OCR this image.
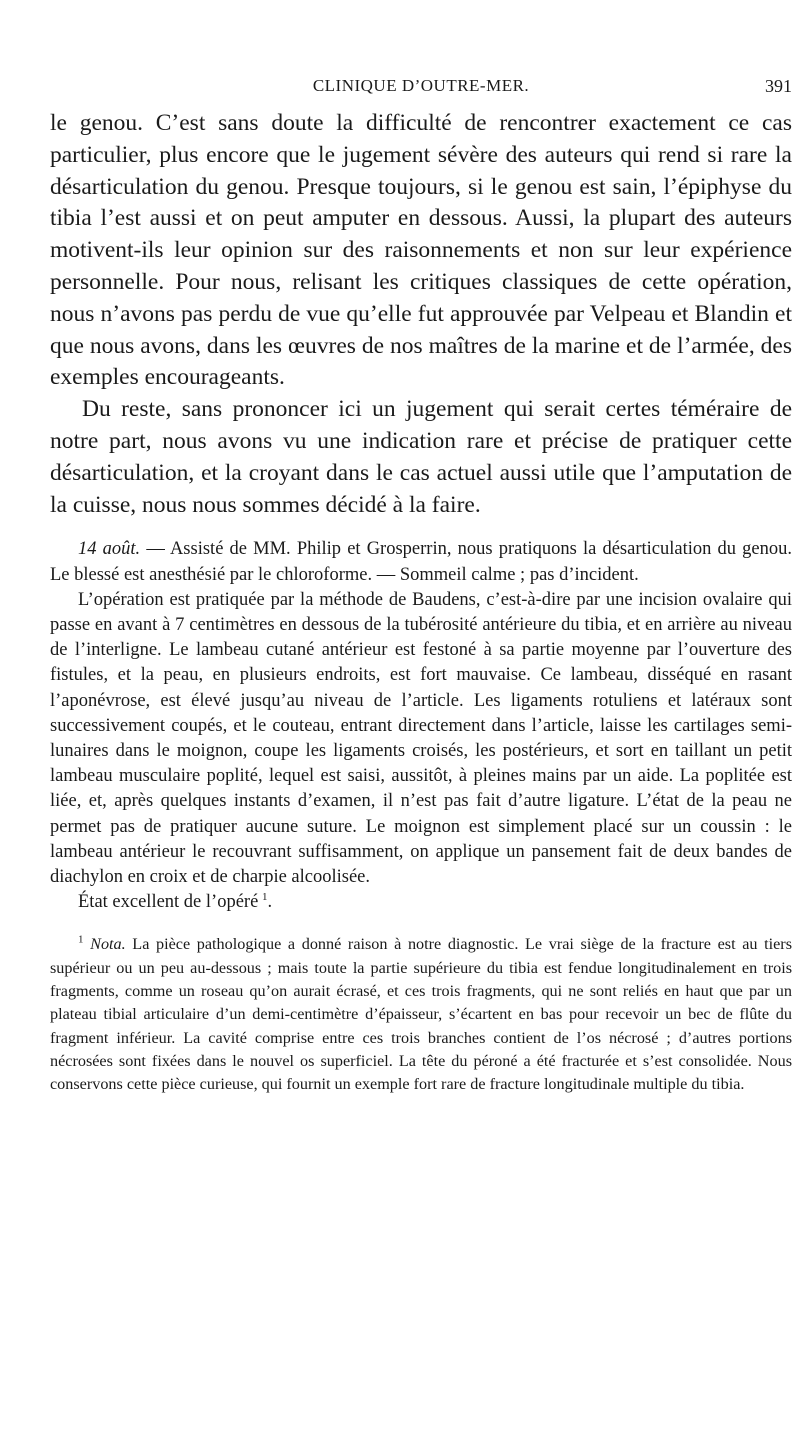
CLINIQUE D’OUTRE-MER.	391

le genou. C’est sans doute la difficulté de rencontrer exactement ce cas particulier, plus encore que le jugement sévère des auteurs qui rend si rare la désarticulation du genou. Presque toujours, si le genou est sain, l’épiphyse du tibia l’est aussi et on peut amputer en dessous. Aussi, la plupart des auteurs motivent-ils leur opinion sur des raisonnements et non sur leur expérience personnelle. Pour nous, relisant les critiques classiques de cette opération, nous n’avons pas perdu de vue qu’elle fut approuvée par Velpeau et Blandin et que nous avons, dans les œuvres de nos maîtres de la marine et de l’armée, des exemples encourageants.

Du reste, sans prononcer ici un jugement qui serait certes téméraire de notre part, nous avons vu une indication rare et précise de pratiquer cette désarticulation, et la croyant dans le cas actuel aussi utile que l’amputation de la cuisse, nous nous sommes décidé à la faire.

14 août. — Assisté de MM. Philip et Grosperrin, nous pratiquons la désarticulation du genou. Le blessé est anesthésié par le chloroforme. — Sommeil calme ; pas d’incident.

L’opération est pratiquée par la méthode de Baudens, c’est-à-dire par une incision ovalaire qui passe en avant à 7 centimètres en dessous de la tubérosité antérieure du tibia, et en arrière au niveau de l’interligne. Le lambeau cutané antérieur est festoné à sa partie moyenne par l’ouverture des fistules, et la peau, en plusieurs endroits, est fort mauvaise. Ce lambeau, disséqué en rasant l’aponévrose, est élevé jusqu’au niveau de l’article. Les ligaments rotuliens et latéraux sont successivement coupés, et le couteau, entrant directement dans l’article, laisse les cartilages semi-lunaires dans le moignon, coupe les ligaments croisés, les postérieurs, et sort en taillant un petit lambeau musculaire poplité, lequel est saisi, aussitôt, à pleines mains par un aide. La poplitée est liée, et, après quelques instants d’examen, il n’est pas fait d’autre ligature. L’état de la peau ne permet pas de pratiquer aucune suture. Le moignon est simplement placé sur un coussin : le lambeau antérieur le recouvrant suffisamment, on applique un pansement fait de deux bandes de diachylon en croix et de charpie alcoolisée.

État excellent de l’opéré  $^1$.

$^1$ Nota. La pièce pathologique a donné raison à notre diagnostic. Le vrai siège de la fracture est au tiers supérieur ou un peu au-dessous ; mais toute la partie supérieure du tibia est fendue longitudinalement en trois fragments, comme un roseau qu’on aurait écrasé, et ces trois fragments, qui ne sont reliés en haut que par un plateau tibial articulaire d’un demi-centimètre d’épaisseur, s’écartent en bas pour recevoir un bec de flûte du fragment inférieur. La cavité comprise entre ces trois branches contient de l’os nécrosé ; d’autres portions nécrosées sont fixées dans le nouvel os superficiel. La tête du péroné a été fracturée et s’est consolidée. Nous conservons cette pièce curieuse, qui fournit un exemple fort rare de fracture longitudinale multiple du tibia.
